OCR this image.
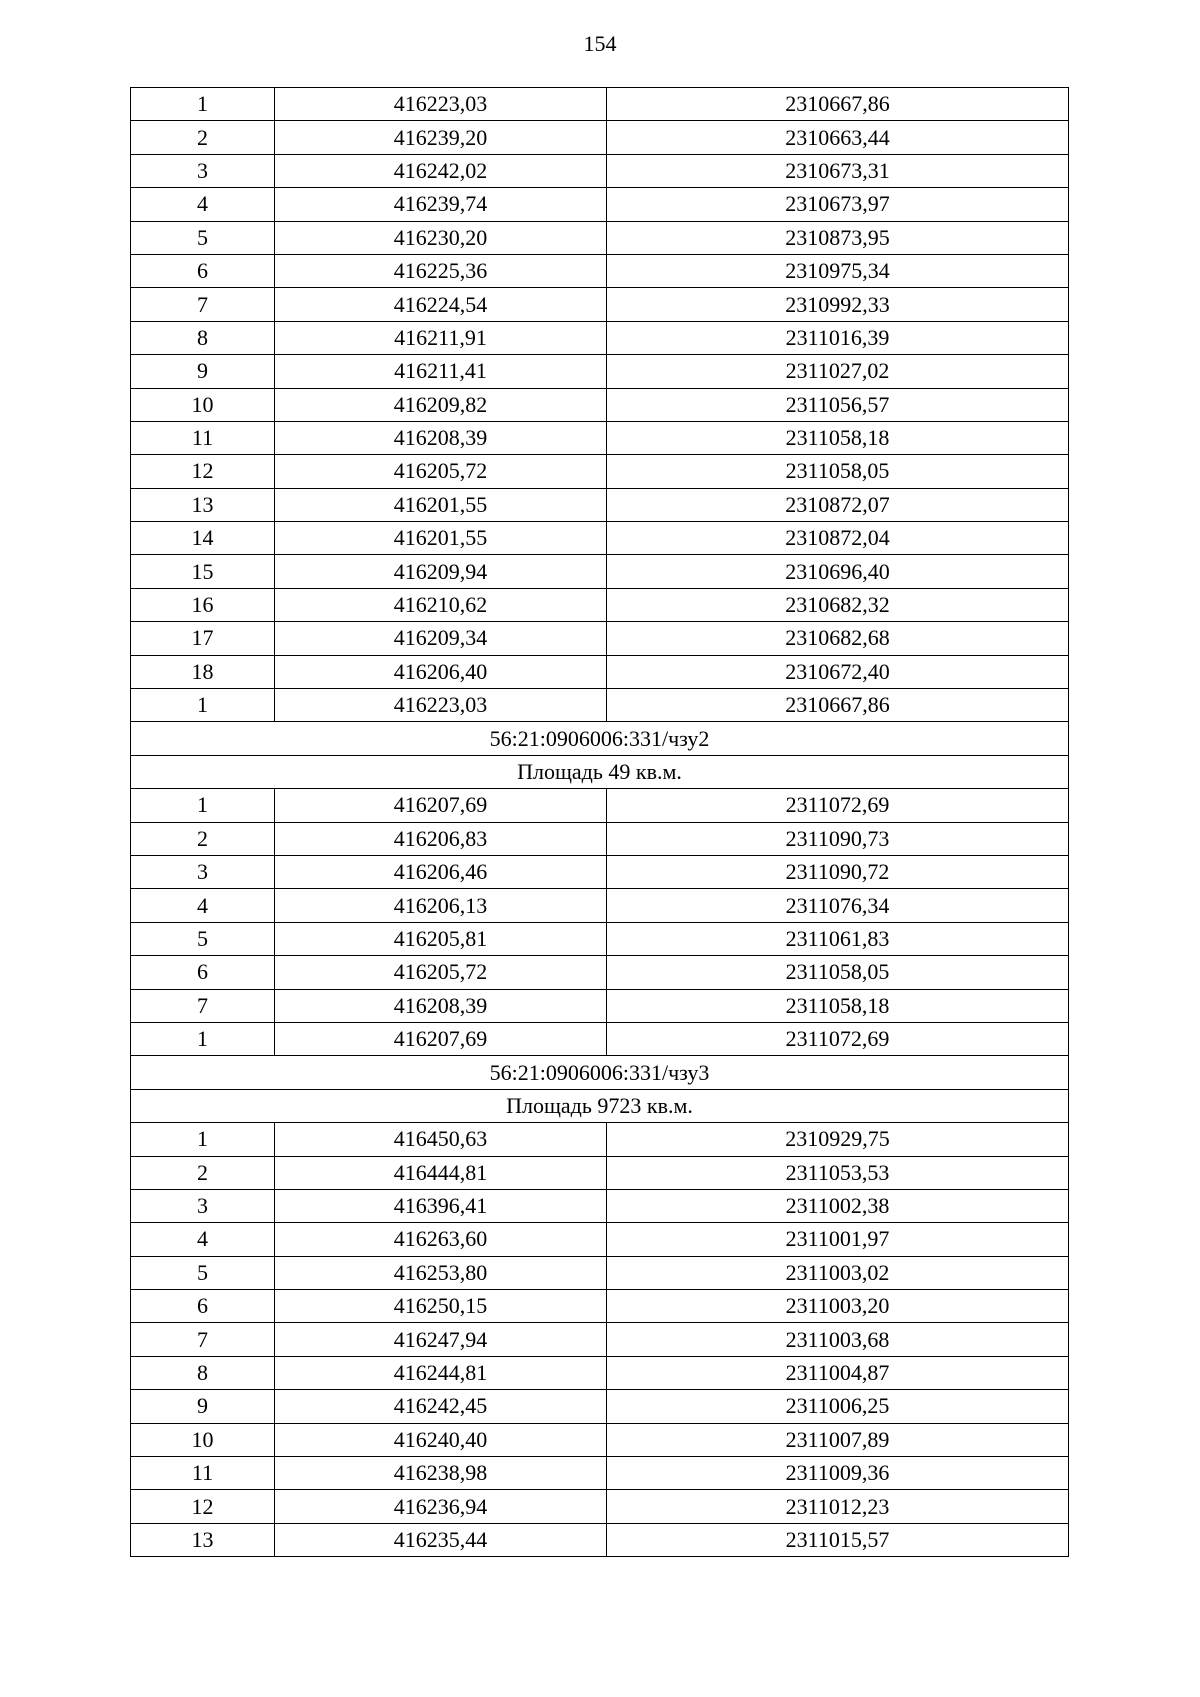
154
1	416223,03	2310667,86
2	416239,20	2310663,44
3	416242,02	2310673,31
4	416239,74	2310673,97
5	416230,20	2310873,95
6	416225,36	2310975,34
7	416224,54	2310992,33
8	416211,91	2311016,39
9	416211,41	2311027,02
10	416209,82	2311056,57
11	416208,39	2311058,18
12	416205,72	2311058,05
13	416201,55	2310872,07
14	416201,55	2310872,04
15	416209,94	2310696,40
16	416210,62	2310682,32
17	416209,34	2310682,68
18	416206,40	2310672,40
1	416223,03	2310667,86
56:21:0906006:331/чзу2		
Площадь 49 кв.м.		
1	416207,69	2311072,69
2	416206,83	2311090,73
3	416206,46	2311090,72
4	416206,13	2311076,34
5	416205,81	2311061,83
6	416205,72	2311058,05
7	416208,39	2311058,18
1	416207,69	2311072,69
56:21:0906006:331/чзу3		
Площадь 9723 кв.м.		
1	416450,63	2310929,75
2	416444,81	2311053,53
3	416396,41	2311002,38
4	416263,60	2311001,97
5	416253,80	2311003,02
6	416250,15	2311003,20
7	416247,94	2311003,68
8	416244,81	2311004,87
9	416242,45	2311006,25
10	416240,40	2311007,89
11	416238,98	2311009,36
12	416236,94	2311012,23
13	416235,44	2311015,57
